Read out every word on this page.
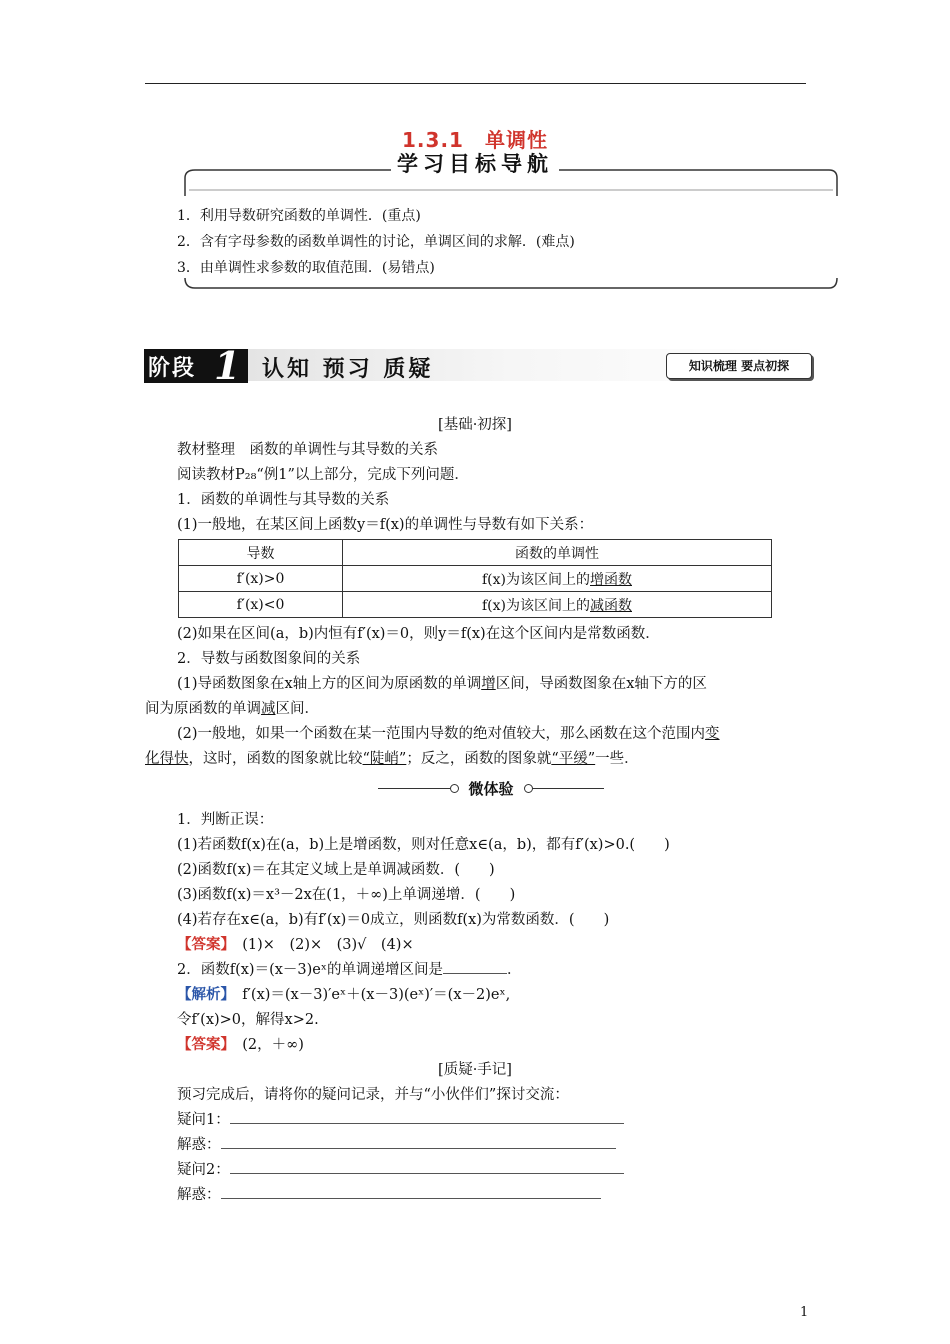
1.3.1　单调性
学习目标导航
1．利用导数研究函数的单调性．(重点)
2．含有字母参数的函数单调性的讨论，单调区间的求解．(难点)
3．由单调性求参数的取值范围．(易错点)
阶段 1 认知 预习 质疑	知识梳理 要点初探
[基础·初探]
教材整理　函数的单调性与其导数的关系
阅读教材P₂₈“例1”以上部分，完成下列问题．
1．函数的单调性与其导数的关系
(1)一般地，在某区间上函数y＝f(x)的单调性与导数有如下关系：
导数	函数的单调性
f′(x)>0	f(x)为该区间上的增函数
f′(x)<0	f(x)为该区间上的减函数
(2)如果在区间(a，b)内恒有f′(x)＝0，则y＝f(x)在这个区间内是常数函数．
2．导数与函数图象间的关系
(1)导函数图象在x轴上方的区间为原函数的单调增区间，导函数图象在x轴下方的区
间为原函数的单调减区间．
(2)一般地，如果一个函数在某一范围内导数的绝对值较大，那么函数在这个范围内变
化得快，这时，函数的图象就比较“陡峭”；反之，函数的图象就“平缓”一些．
微体验
1．判断正误：
(1)若函数f(x)在(a，b)上是增函数，则对任意x∈(a，b)，都有f′(x)>0.(　　)
(2)函数f(x)＝在其定义域上是单调减函数．(　　)
(3)函数f(x)＝x³－2x在(1，＋∞)上单调递增．(　　)
(4)若存在x∈(a，b)有f′(x)＝0成立，则函数f(x)为常数函数．(　　)
【答案】　(1)×　(2)×　(3)√　(4)×
2．函数f(x)＝(x－3)eˣ的单调递增区间是	．
【解析】　f′(x)＝(x－3)′eˣ＋(x－3)(eˣ)′＝(x－2)eˣ,
令f′(x)>0，解得x>2.
【答案】　(2，＋∞)
[质疑·手记]
预习完成后，请将你的疑问记录，并与“小伙伴们”探讨交流：
疑问1：
解惑：
疑问2：
解惑：
1
